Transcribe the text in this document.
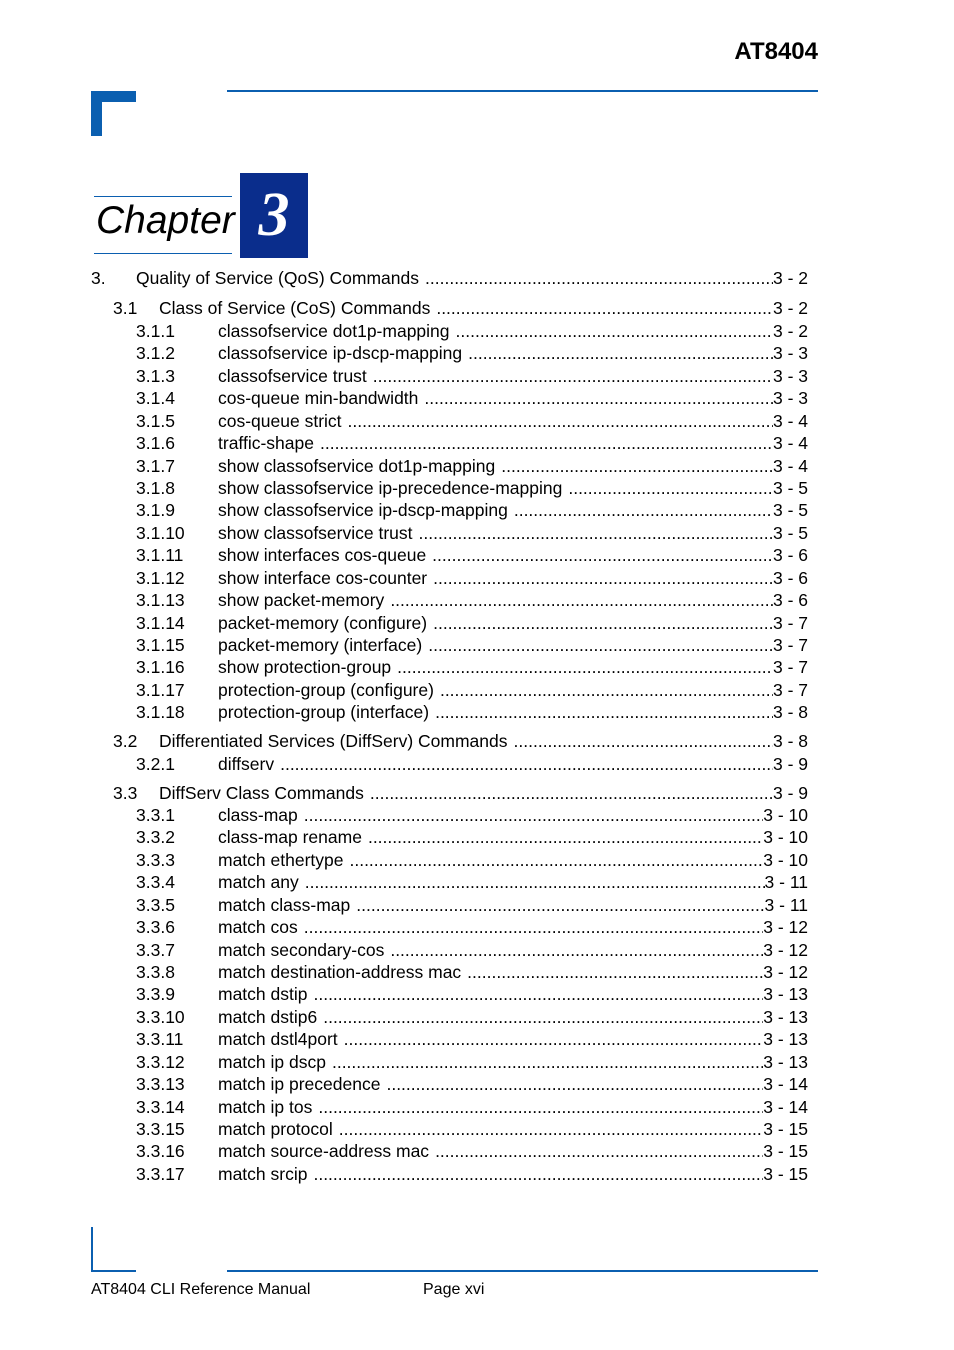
AT8404
Chapter 3
3.	Quality of Service (QoS) Commands .....	3 - 2
3.1	Class of Service (CoS) Commands .....	3 - 2
3.1.1	classofservice dot1p-mapping .....	3 - 2
3.1.2	classofservice ip-dscp-mapping .....	3 - 3
3.1.3	classofservice trust .....	3 - 3
3.1.4	cos-queue min-bandwidth .....	3 - 3
3.1.5	cos-queue strict .....	3 - 4
3.1.6	traffic-shape .....	3 - 4
3.1.7	show classofservice dot1p-mapping .....	3 - 4
3.1.8	show classofservice ip-precedence-mapping .....	3 - 5
3.1.9	show classofservice ip-dscp-mapping .....	3 - 5
3.1.10	show classofservice trust .....	3 - 5
3.1.11	show interfaces cos-queue .....	3 - 6
3.1.12	show interface cos-counter .....	3 - 6
3.1.13	show packet-memory .....	3 - 6
3.1.14	packet-memory (configure) .....	3 - 7
3.1.15	packet-memory (interface) .....	3 - 7
3.1.16	show protection-group .....	3 - 7
3.1.17	protection-group (configure) .....	3 - 7
3.1.18	protection-group (interface) .....	3 - 8
3.2	Differentiated Services (DiffServ) Commands .....	3 - 8
3.2.1	diffserv .....	3 - 9
3.3	DiffServ Class Commands .....	3 - 9
3.3.1	class-map .....	3 - 10
3.3.2	class-map rename .....	3 - 10
3.3.3	match ethertype .....	3 - 10
3.3.4	match any .....	3 - 11
3.3.5	match class-map .....	3 - 11
3.3.6	match cos .....	3 - 12
3.3.7	match secondary-cos .....	3 - 12
3.3.8	match destination-address mac .....	3 - 12
3.3.9	match dstip .....	3 - 13
3.3.10	match dstip6 .....	3 - 13
3.3.11	match dstl4port .....	3 - 13
3.3.12	match ip dscp .....	3 - 13
3.3.13	match ip precedence .....	3 - 14
3.3.14	match ip tos .....	3 - 14
3.3.15	match protocol .....	3 - 15
3.3.16	match source-address mac .....	3 - 15
3.3.17	match srcip .....	3 - 15
AT8404 CLI Reference Manual	Page xvi
